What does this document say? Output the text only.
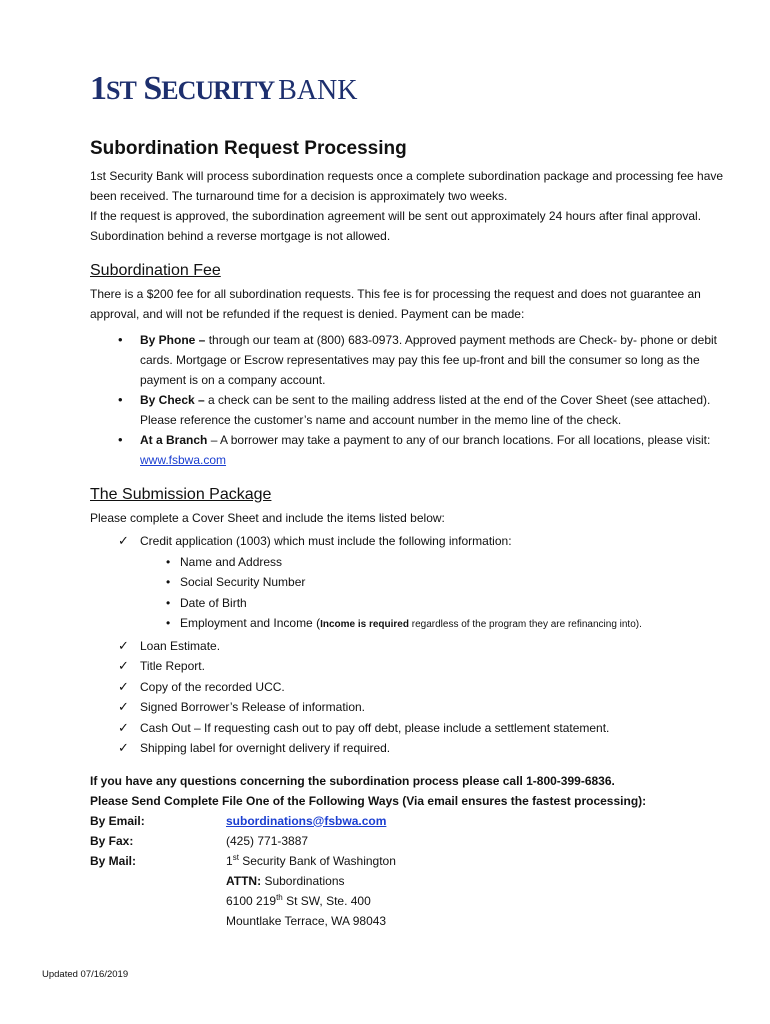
1ST SECURITY BANK
Subordination Request Processing

1st Security Bank will process subordination requests once a complete subordination package and processing fee have been received. The turnaround time for a decision is approximately two weeks.

If the request is approved, the subordination agreement will be sent out approximately 24 hours after final approval. Subordination behind a reverse mortgage is not allowed.

Subordination Fee

There is a $200 fee for all subordination requests. This fee is for processing the request and does not guarantee an approval, and will not be refunded if the request is denied. Payment can be made:

• By Phone – through our team at (800) 683-0973. Approved payment methods are Check- by- phone or debit cards. Mortgage or Escrow representatives may pay this fee up-front and bill the consumer so long as the payment is on a company account.
• By Check – a check can be sent to the mailing address listed at the end of the Cover Sheet (see attached). Please reference the customer’s name and account number in the memo line of the check.
• At a Branch – A borrower may take a payment to any of our branch locations. For all locations, please visit: www.fsbwa.com
The Submission Package

Please complete a Cover Sheet and include the items listed below:

✓ Credit application (1003) which must include the following information:
• Name and Address
• Social Security Number
• Date of Birth
• Employment and Income (Income is required regardless of the program they are refinancing into).
✓ Loan Estimate.
✓ Title Report.
✓ Copy of the recorded UCC.
✓ Signed Borrower’s Release of information.
✓ Cash Out – If requesting cash out to pay off debt, please include a settlement statement.
✓ Shipping label for overnight delivery if required.
If you have any questions concerning the subordination process please call 1-800-399-6836.
Please Send Complete File One of the Following Ways (Via email ensures the fastest processing):
By Email:	subordinations@fsbwa.com
By Fax:	(425) 771-3887
By Mail:	1st Security Bank of Washington
ATTN: Subordinations
6100 219th St SW, Ste. 400
Mountlake Terrace, WA 98043
Updated 07/16/2019
